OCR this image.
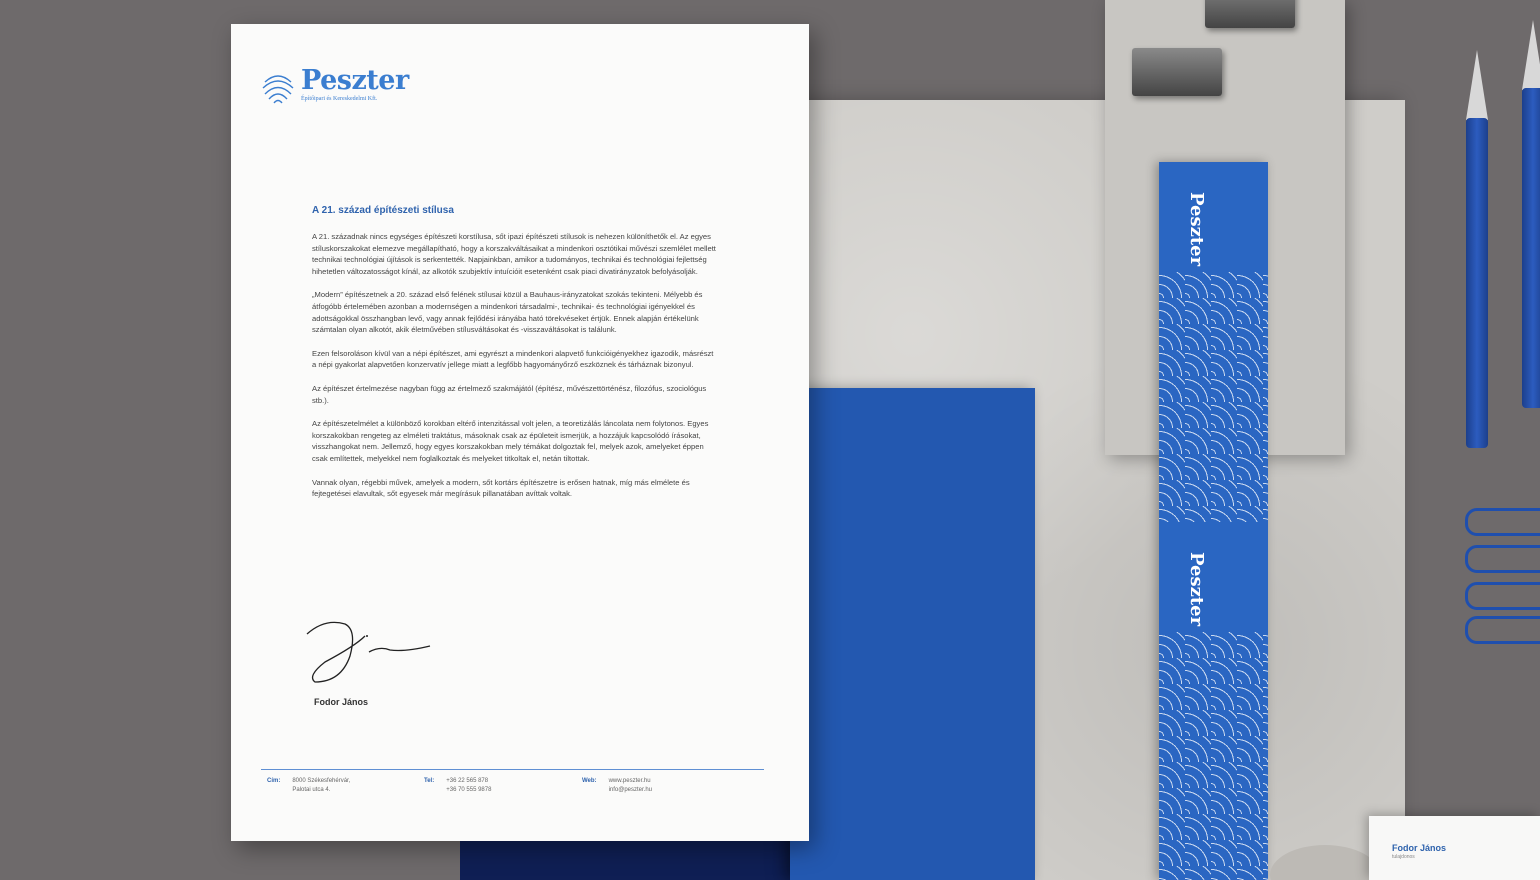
Peszter
Peszter
Fodor János
tulajdonos
Peszter
Építőipari és Kereskedelmi Kft.
A 21. század építészeti stílusa

A 21. századnak nincs egységes építészeti korstílusa, sőt ipazi építészeti stílusok is nehezen különíthetők el. Az egyes stíluskorszakokat elemezve megállapítható, hogy a korszakváltásaikat a mindenkori osztótikai művészi szemlélet mellett technikai technológiai újítások is serkentették. Napjainkban, amikor a tudományos, technikai és technológiai fejlettség hihetetlen változatosságot kínál, az alkotók szubjektív intuícióit esetenként csak piaci divatirányzatok befolyásolják.

„Modern” építészetnek a 20. század első felének stílusai közül a Bauhaus-irányzatokat szokás tekinteni. Mélyebb és átfogóbb értelemében azonban a modernségen a mindenkori társadalmi-, technikai- és technológiai igényekkel és adottságokkal összhangban levő, vagy annak fejlődési irányába ható törekvéseket értjük. Ennek alapján értékelünk számtalan olyan alkotót, akik életművében stílusváltásokat és -visszaváltásokat is találunk.

Ezen felsoroláson kívül van a népi építészet, ami egyrészt a mindenkori alapvető funkcióigényekhez igazodik, másrészt a népi gyakorlat alapvetően konzervatív jellege miatt a legfőbb hagyományőrző eszköznek és tárháznak bizonyul.

Az építészet értelmezése nagyban függ az értelmező szakmájától (építész, művészettörténész, filozófus, szociológus stb.).

Az építészetelmélet a különböző korokban eltérő intenzitással volt jelen, a teoretizálás láncolata nem folytonos. Egyes korszakokban rengeteg az elméleti traktátus, másoknak csak az épületeit ismerjük, a hozzájuk kapcsolódó írásokat, visszhangokat nem. Jellemző, hogy egyes korszakokban mely témákat dolgoztak fel, melyek azok, amelyeket éppen csak említettek, melyekkel nem foglalkoztak és melyeket titkoltak el, netán tiltottak.

Vannak olyan, régebbi művek, amelyek a modern, sőt kortárs építészetre is erősen hatnak, míg más elmélete és fejtegetései elavultak, sőt egyesek már megírásuk pillanatában avíttak voltak.

Fodor János
Cím: 8000 Székesfehérvár,
Palotai utca 4.
Tel: +36 22 565 878
+36 70 555 9878
Web: www.peszter.hu
info@peszter.hu
